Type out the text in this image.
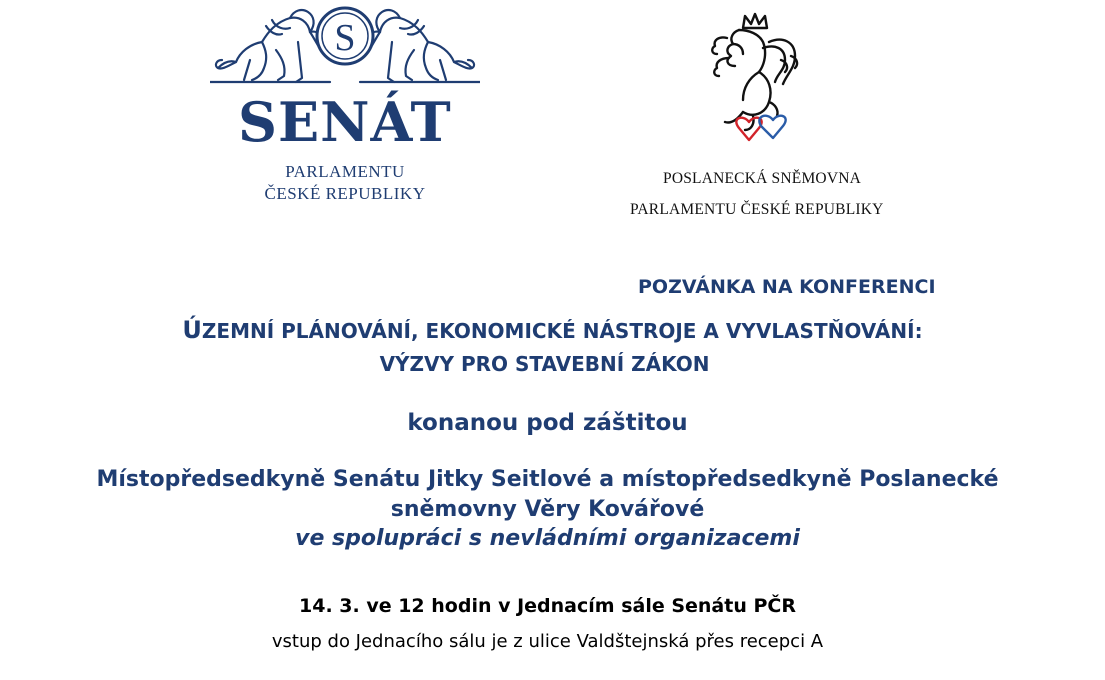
S
SENÁT
PARLAMENTU
ČESKÉ REPUBLIKY
POSLANECKÁ SNĚMOVNA
PARLAMENTU ČESKÉ REPUBLIKY
POZVÁNKA NA KONFERENCI
ÚZEMNÍ PLÁNOVÁNÍ, EKONOMICKÉ NÁSTROJE A VYVLASTŇOVÁNÍ:
VÝZVY PRO STAVEBNÍ ZÁKON
konanou pod záštitou
Místopředsedkyně Senátu Jitky Seitlové a místopředsedkyně Poslanecké
sněmovny Věry Kovářové
ve spolupráci s nevládními organizacemi
14. 3. ve 12 hodin v Jednacím sále Senátu PČR
vstup do Jednacího sálu je z ulice Valdštejnská přes recepci A
